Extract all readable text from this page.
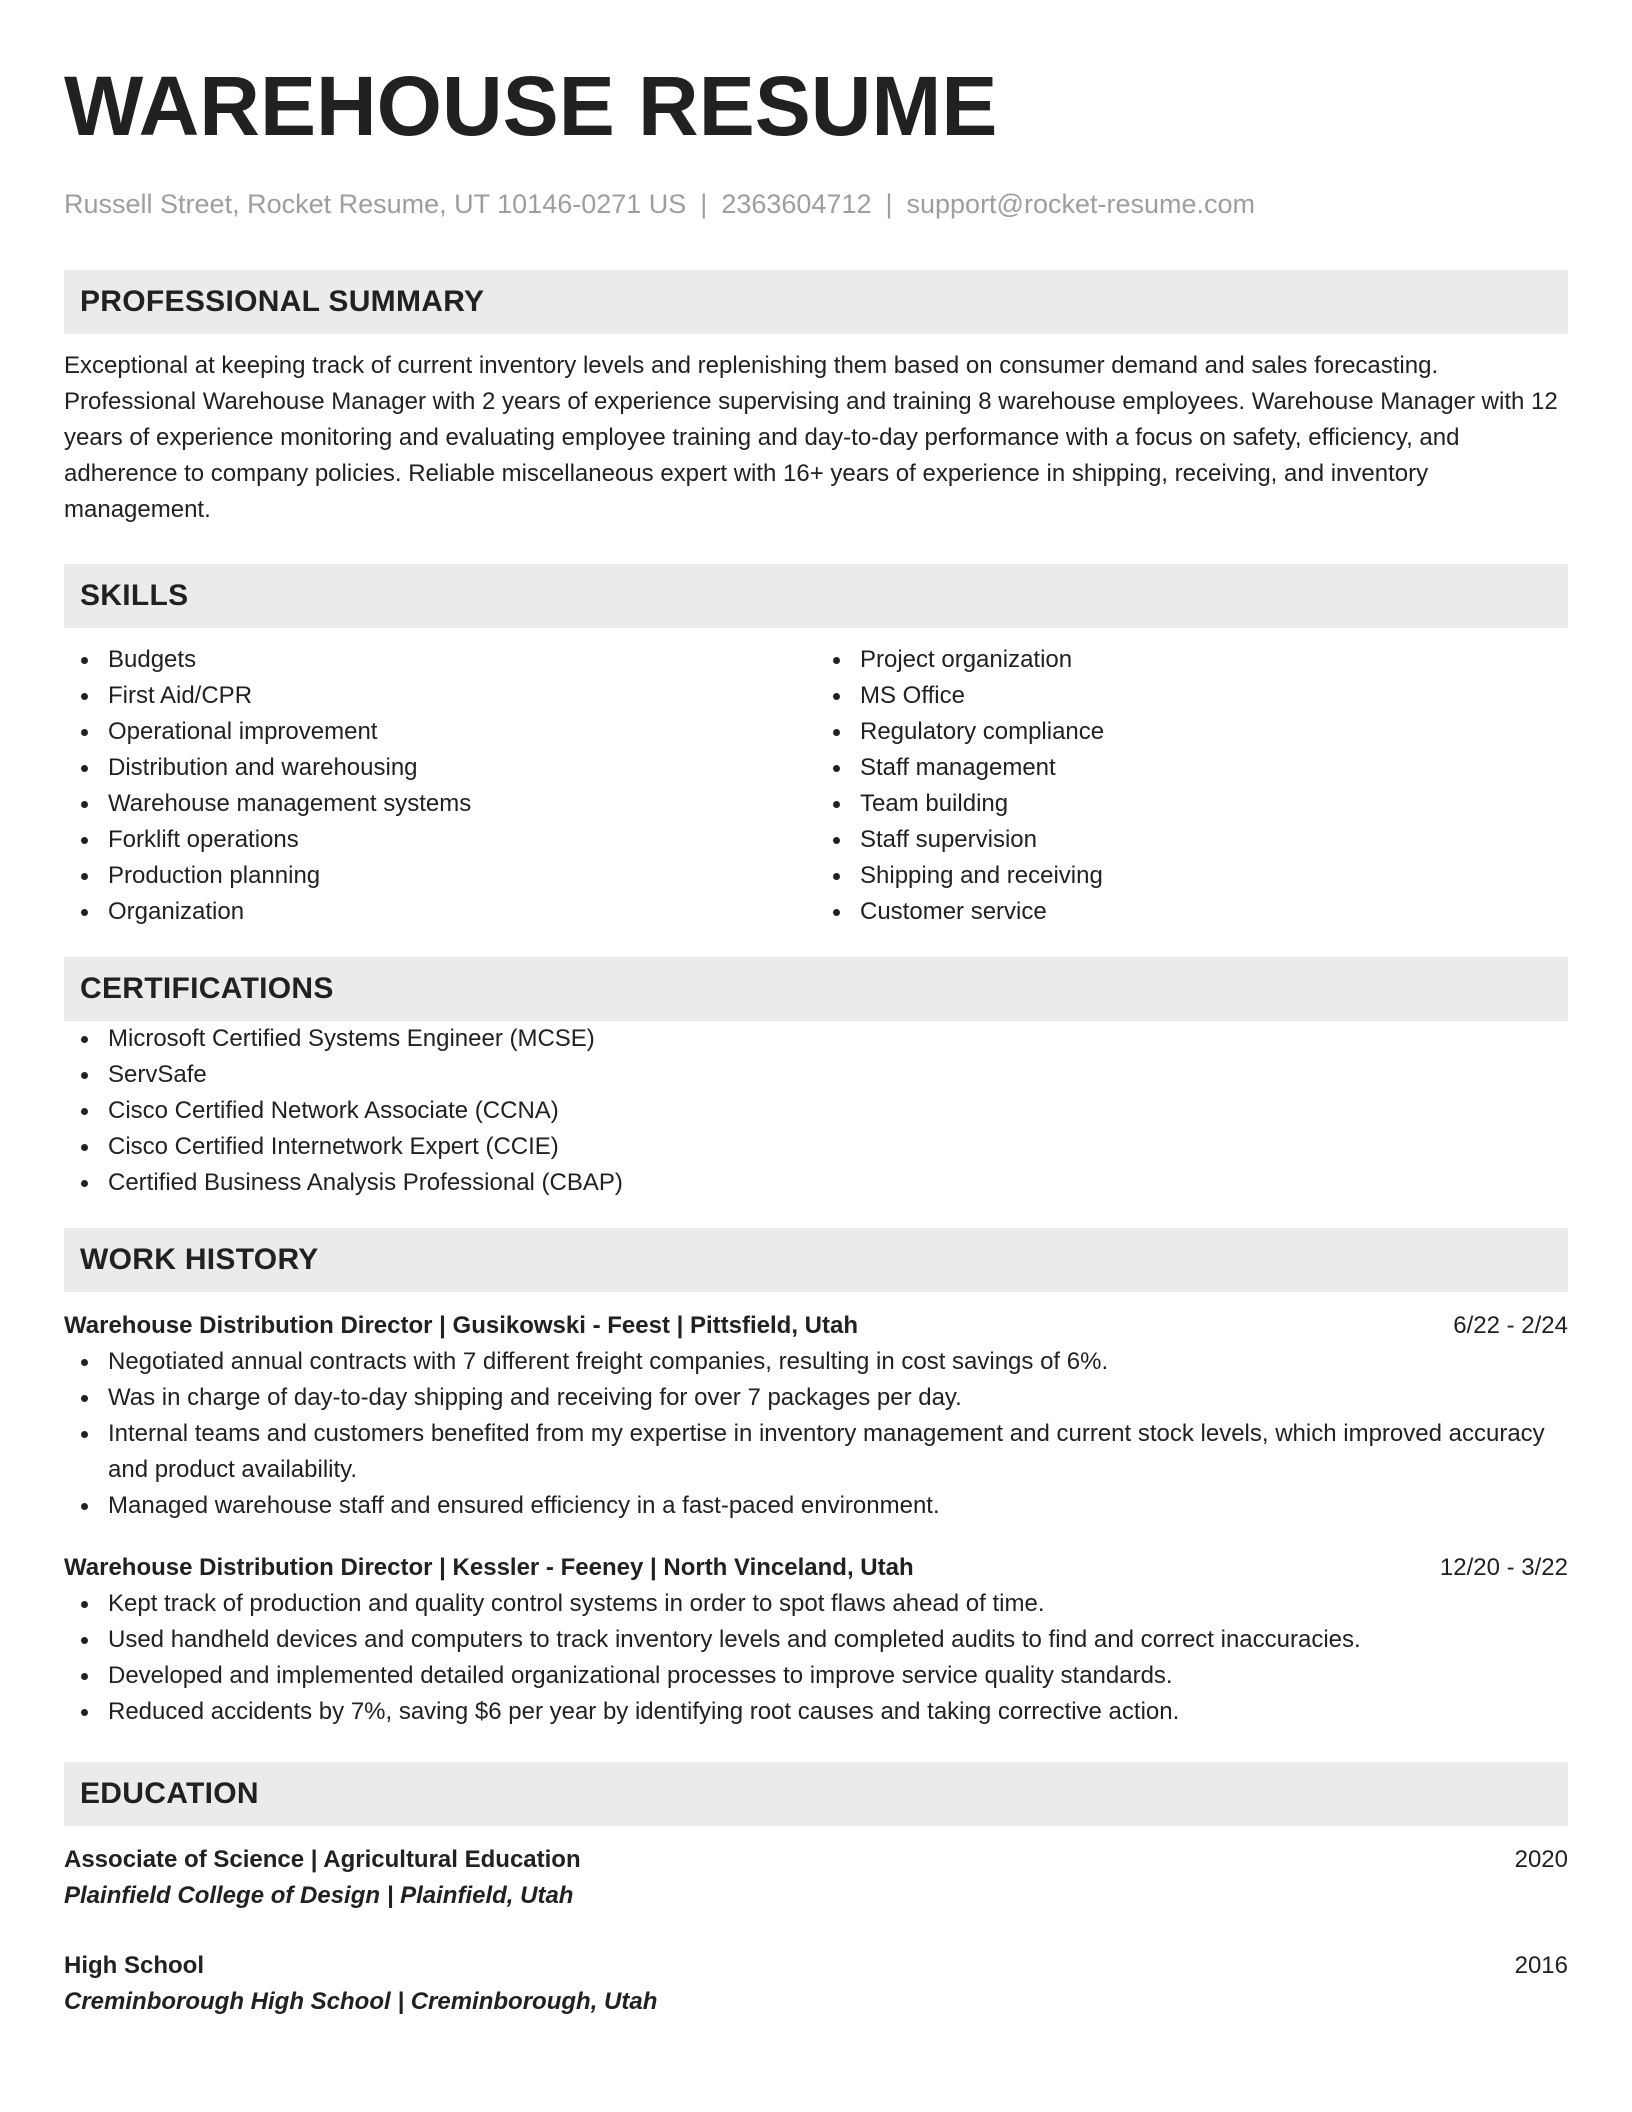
WAREHOUSE RESUME
Russell Street, Rocket Resume, UT 10146-0271 US | 2363604712 | support@rocket-resume.com
PROFESSIONAL SUMMARY

Exceptional at keeping track of current inventory levels and replenishing them based on consumer demand and sales forecasting. Professional Warehouse Manager with 2 years of experience supervising and training 8 warehouse employees. Warehouse Manager with 12 years of experience monitoring and evaluating employee training and day-to-day performance with a focus on safety, efficiency, and adherence to company policies. Reliable miscellaneous expert with 16+ years of experience in shipping, receiving, and inventory management.

SKILLS
Budgets
First Aid/CPR
Operational improvement
Distribution and warehousing
Warehouse management systems
Forklift operations
Production planning
Organization
Project organization
MS Office
Regulatory compliance
Staff management
Team building
Staff supervision
Shipping and receiving
Customer service
CERTIFICATIONS
Microsoft Certified Systems Engineer (MCSE)
ServSafe
Cisco Certified Network Associate (CCNA)
Cisco Certified Internetwork Expert (CCIE)
Certified Business Analysis Professional (CBAP)
WORK HISTORY
Warehouse Distribution Director | Gusikowski - Feest | Pittsfield, Utah	6/22 - 2/24
Negotiated annual contracts with 7 different freight companies, resulting in cost savings of 6%.
Was in charge of day-to-day shipping and receiving for over 7 packages per day.
Internal teams and customers benefited from my expertise in inventory management and current stock levels, which improved accuracy and product availability.
Managed warehouse staff and ensured efficiency in a fast-paced environment.
Warehouse Distribution Director | Kessler - Feeney | North Vinceland, Utah	12/20 - 3/22
Kept track of production and quality control systems in order to spot flaws ahead of time.
Used handheld devices and computers to track inventory levels and completed audits to find and correct inaccuracies.
Developed and implemented detailed organizational processes to improve service quality standards.
Reduced accidents by 7%, saving $6 per year by identifying root causes and taking corrective action.
EDUCATION
Associate of Science | Agricultural Education	2020
Plainfield College of Design | Plainfield, Utah
High School	2016
Creminborough High School | Creminborough, Utah
